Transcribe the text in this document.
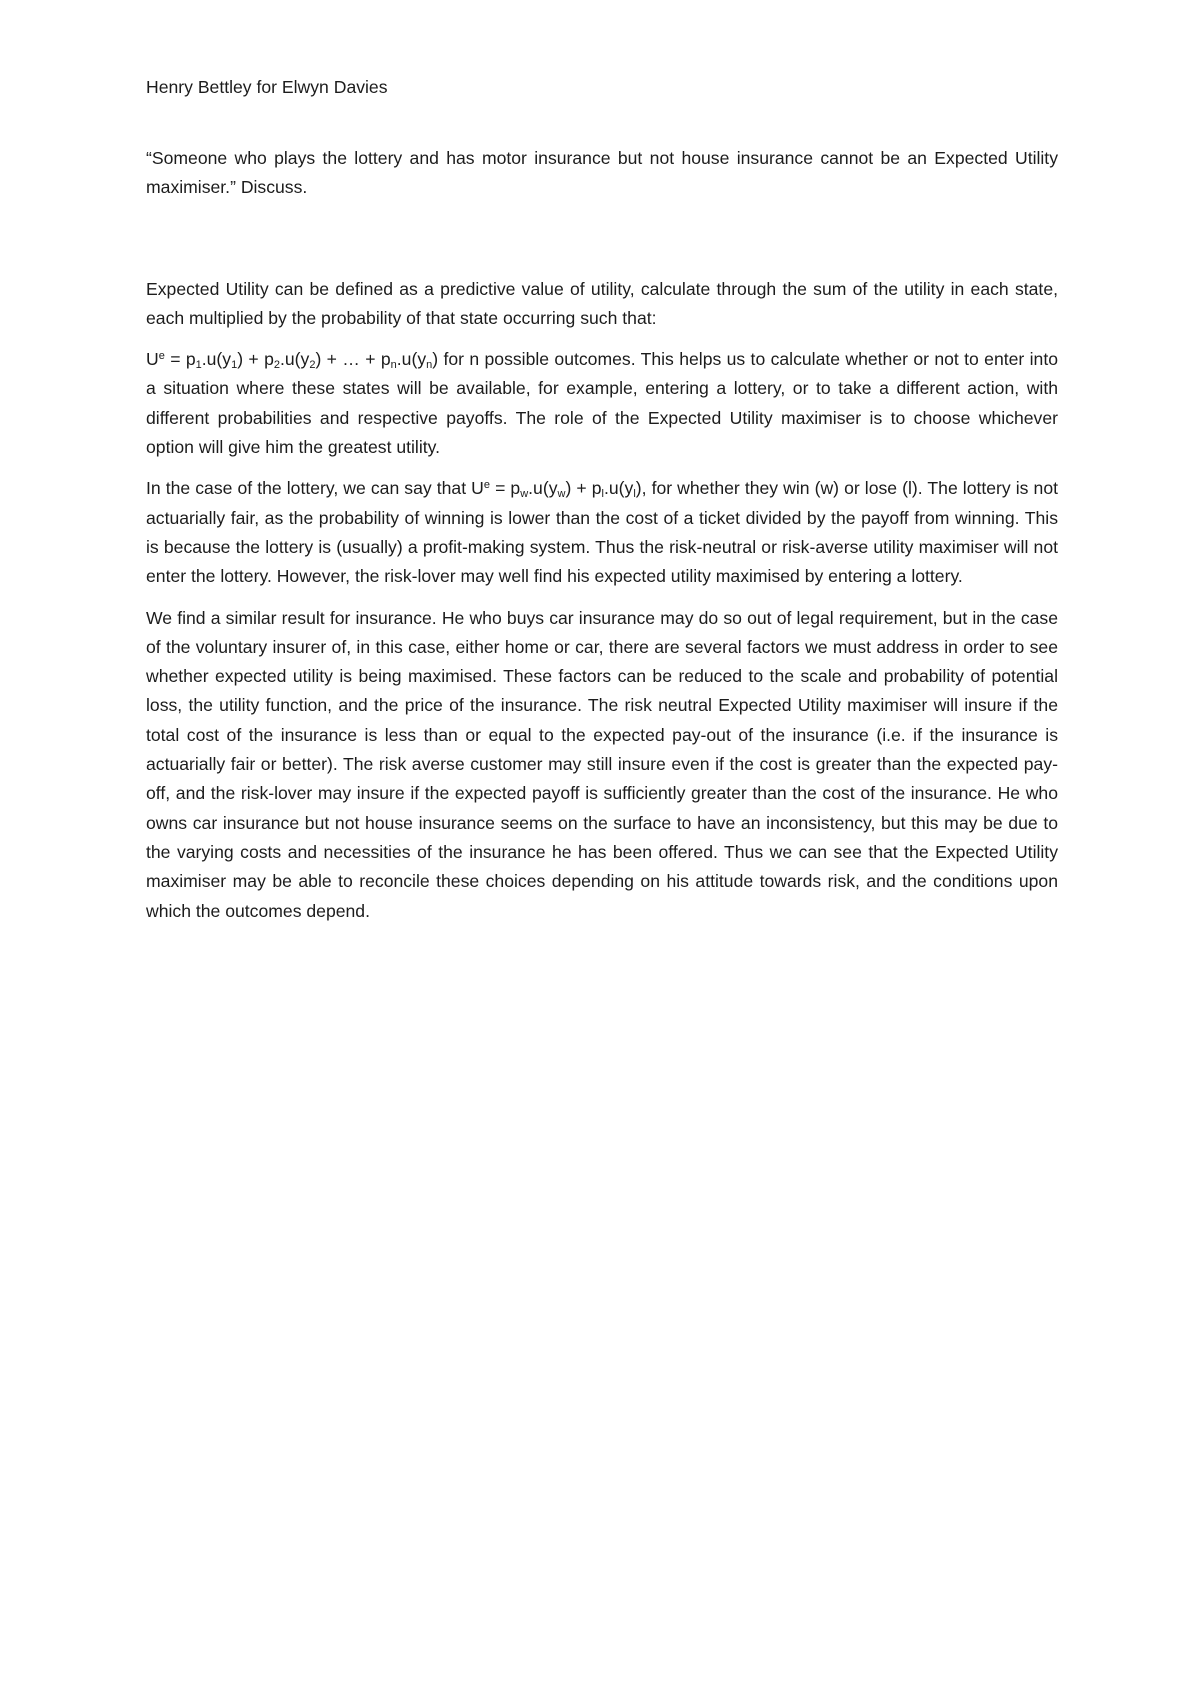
Henry Bettley for Elwyn Davies

“Someone who plays the lottery and has motor insurance but not house insurance cannot be an Expected Utility maximiser.” Discuss.

Expected Utility can be defined as a predictive value of utility, calculate through the sum of the utility in each state, each multiplied by the probability of that state occurring such that:

$U^e = p_1.u(y_1) + p_2.u(y_2)$ + … + $p_n.u(y_n)$ for n possible outcomes. This helps us to calculate whether or not to enter into a situation where these states will be available, for example, entering a lottery, or to take a different action, with different probabilities and respective payoffs. The role of the Expected Utility maximiser is to choose whichever option will give him the greatest utility.

In the case of the lottery, we can say that $U^e = p_w.u(y_w) + p_l.u(y_l)$, for whether they win (w) or lose (l). The lottery is not actuarially fair, as the probability of winning is lower than the cost of a ticket divided by the payoff from winning. This is because the lottery is (usually) a profit-making system. Thus the risk-neutral or risk-averse utility maximiser will not enter the lottery. However, the risk-lover may well find his expected utility maximised by entering a lottery.

We find a similar result for insurance. He who buys car insurance may do so out of legal requirement, but in the case of the voluntary insurer of, in this case, either home or car, there are several factors we must address in order to see whether expected utility is being maximised. These factors can be reduced to the scale and probability of potential loss, the utility function, and the price of the insurance. The risk neutral Expected Utility maximiser will insure if the total cost of the insurance is less than or equal to the expected pay-out of the insurance (i.e. if the insurance is actuarially fair or better). The risk averse customer may still insure even if the cost is greater than the expected pay-off, and the risk-lover may insure if the expected payoff is sufficiently greater than the cost of the insurance. He who owns car insurance but not house insurance seems on the surface to have an inconsistency, but this may be due to the varying costs and necessities of the insurance he has been offered. Thus we can see that the Expected Utility maximiser may be able to reconcile these choices depending on his attitude towards risk, and the conditions upon which the outcomes depend.
